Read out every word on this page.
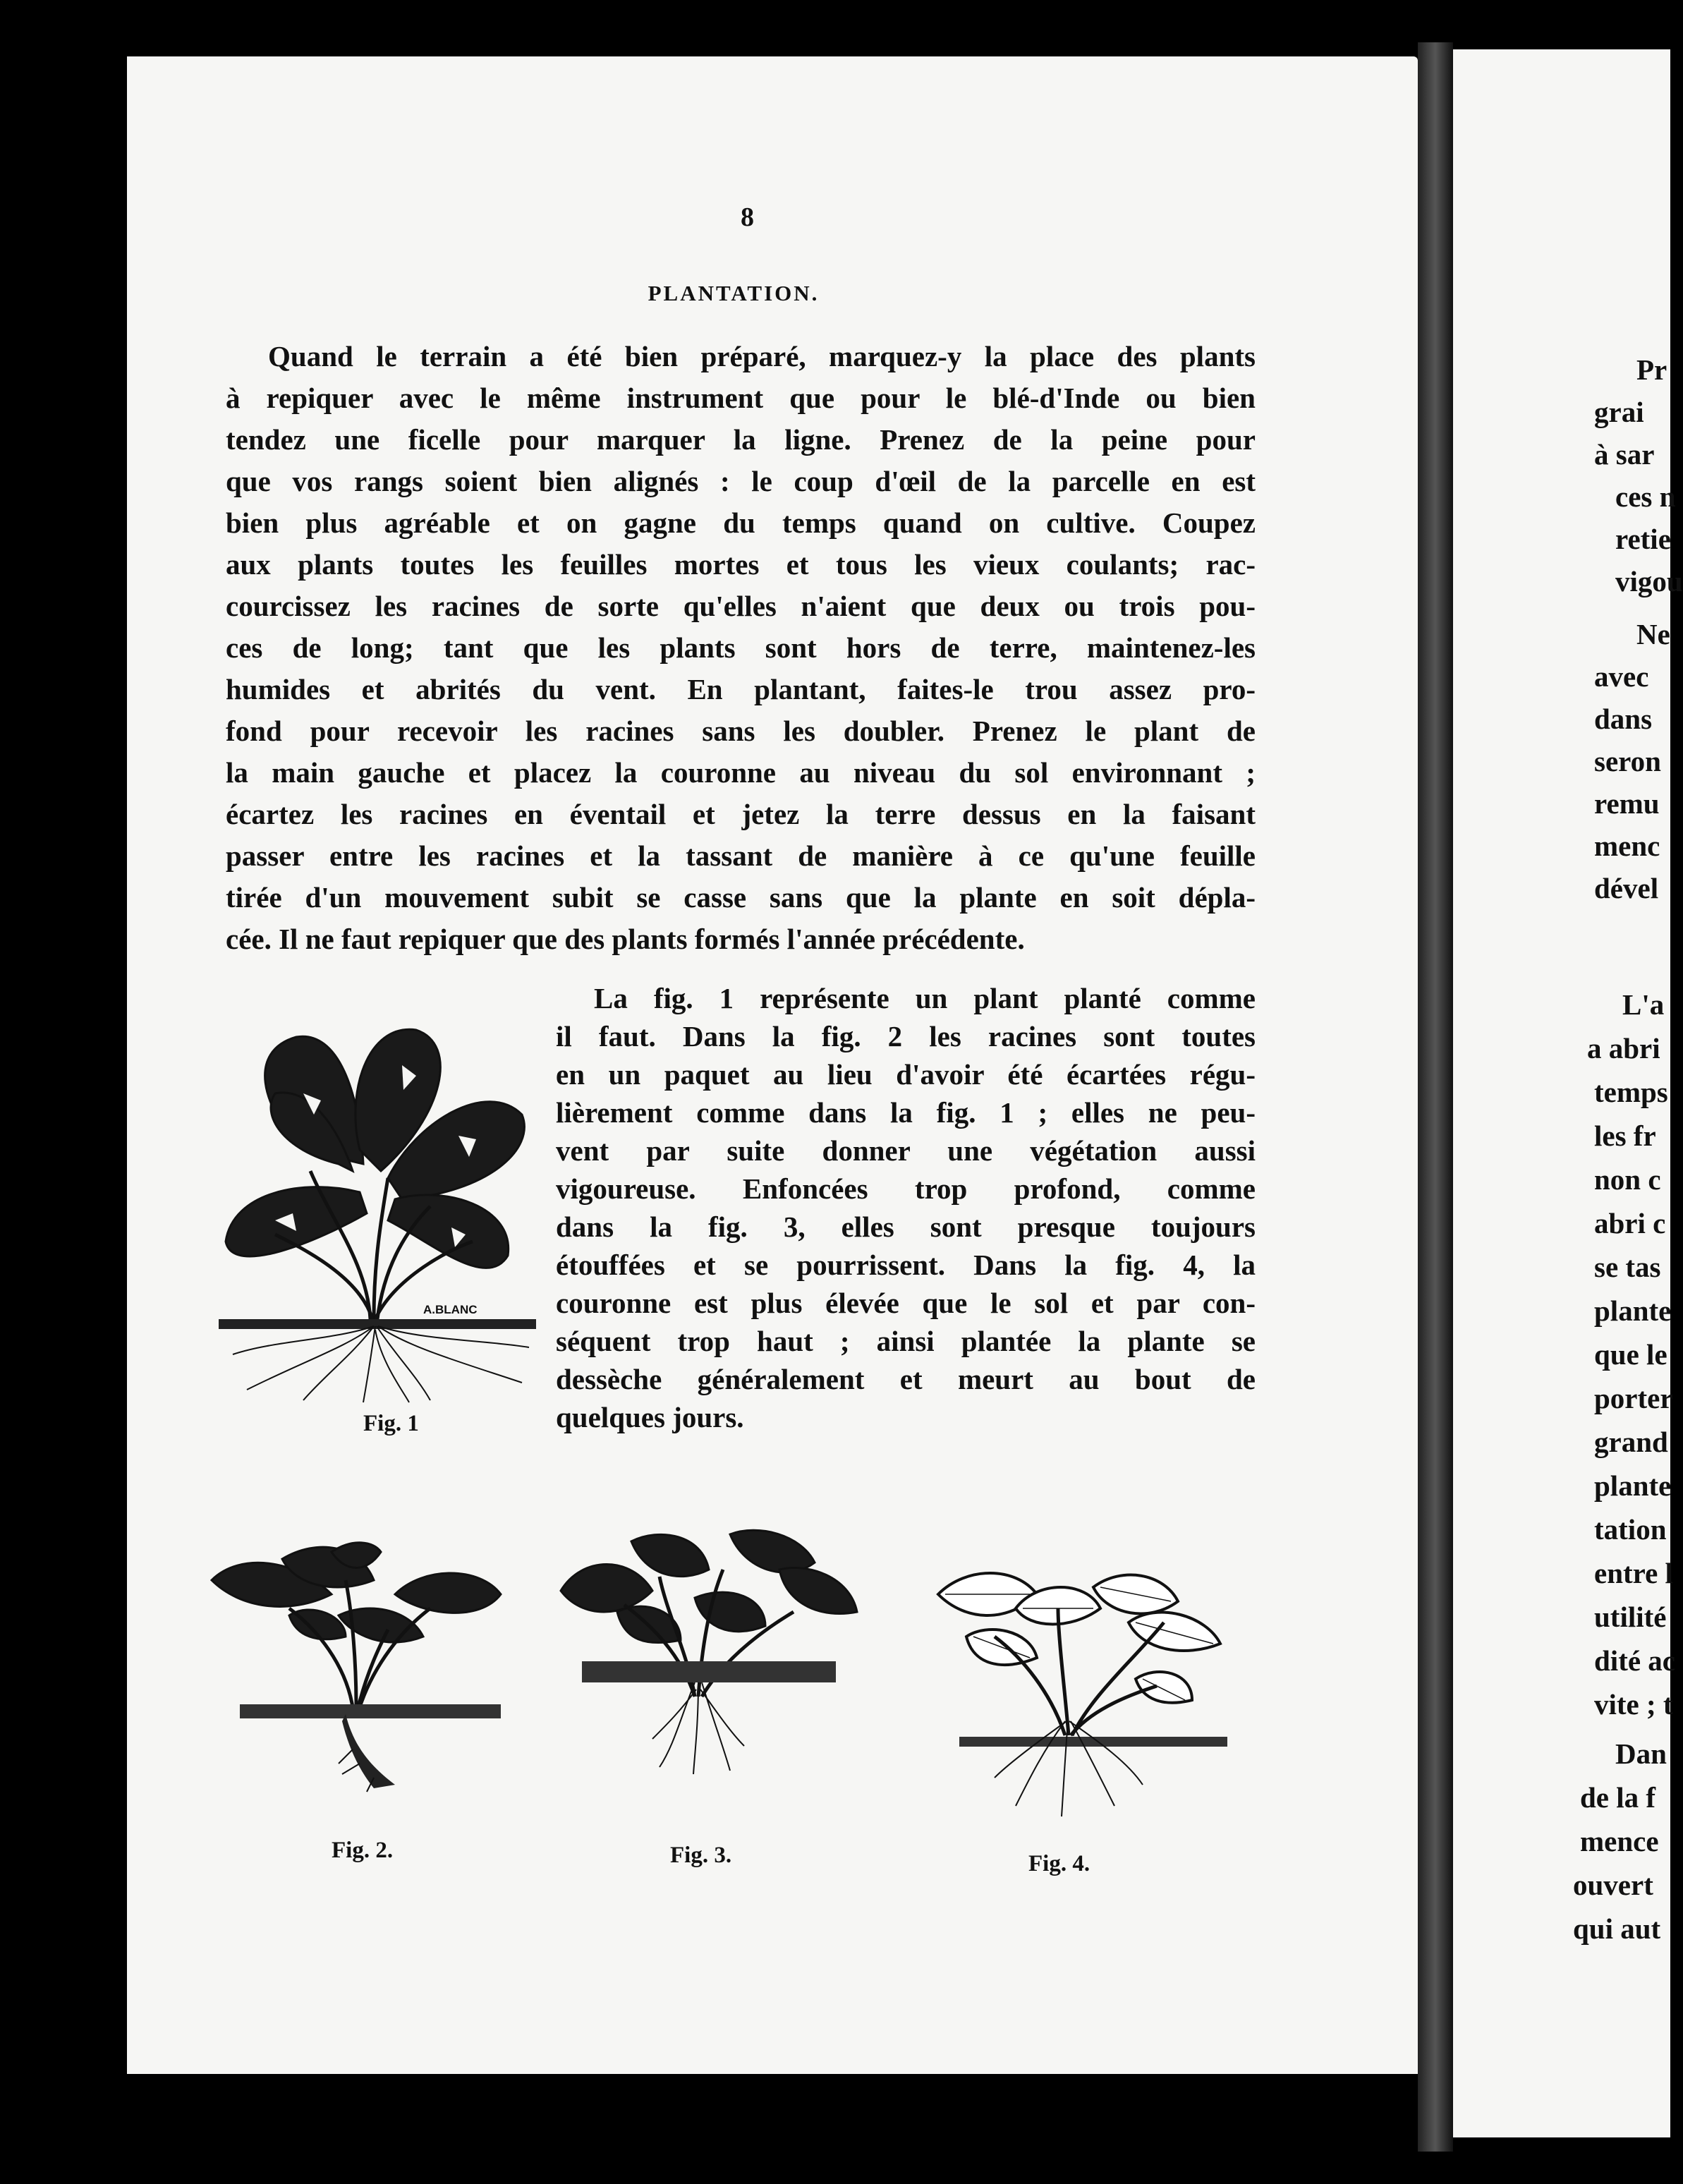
8
PLANTATION.
Quand le terrain a été bien préparé, marquez-y la place des plants
à repiquer avec le même instrument que pour le blé-d'Inde ou bien
tendez une ficelle pour marquer la ligne. Prenez de la peine pour
que vos rangs soient bien alignés : le coup d'œil de la parcelle en est
bien plus agréable et on gagne du temps quand on cultive. Coupez
aux plants toutes les feuilles mortes et tous les vieux coulants; rac-
courcissez les racines de sorte qu'elles n'aient que deux ou trois pou-
ces de long; tant que les plants sont hors de terre, maintenez-les
humides et abrités du vent. En plantant, faites-le trou assez pro-
fond pour recevoir les racines sans les doubler. Prenez le plant de
la main gauche et placez la couronne au niveau du sol environnant ;
écartez les racines en éventail et jetez la terre dessus en la faisant
passer entre les racines et la tassant de manière à ce qu'une feuille
tirée d'un mouvement subit se casse sans que la plante en soit dépla-
cée. Il ne faut repiquer que des plants formés l'année précédente.
La fig. 1 représente un plant planté comme
il faut. Dans la fig. 2 les racines sont toutes
en un paquet au lieu d'avoir été écartées régu-
lièrement comme dans la fig. 1 ; elles ne peu-
vent par suite donner une végétation aussi
vigoureuse. Enfoncées trop profond, comme
dans la fig. 3, elles sont presque toujours
étouffées et se pourrissent. Dans la fig. 4, la
couronne est plus élevée que le sol et par con-
séquent trop haut ; ainsi plantée la plante se
dessèche généralement et meurt au bout de
quelques jours.
A.BLANC
Fig. 1
Fig. 2.	Fig. 3.	Fig. 4.
Pr
grai
à sar
ces n
retie
vigou
Ne
avec
dans
seron
remu
menc
dével
L'a
a abri
temps
les fr
non c
abri c
se tas
plante
que le
porter
grand
plante
tation
entre l
utilité
dité ac
vite ; t
Dan
de la f
mence
ouvert
qui aut
